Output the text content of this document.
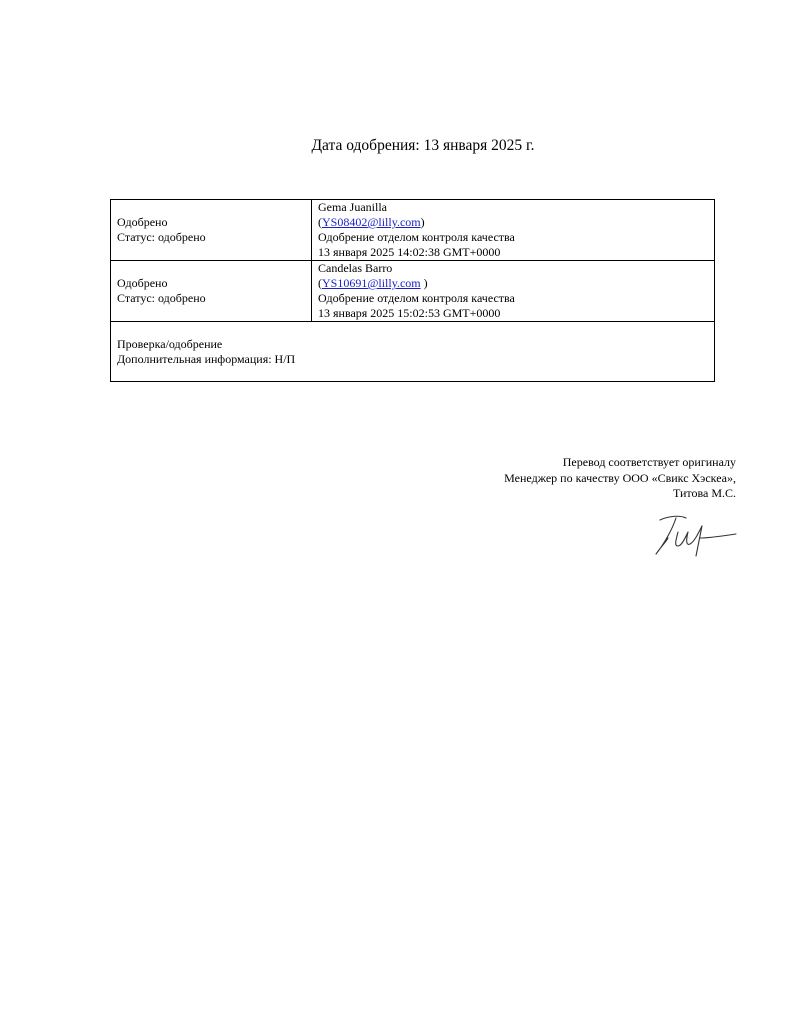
Дата одобрения: 13 января 2025 г.
Одобрено
Статус: одобрено	Gema Juanilla
(YS08402@lilly.com)
Одобрение отделом контроля качества
13 января 2025 14:02:38 GMT+0000

Одобрено
Статус: одобрено	Candelas Barro
(YS10691@lilly.com )
Одобрение отделом контроля качества
13 января 2025 15:02:53 GMT+0000

Проверка/одобрение
Дополнительная информация: Н/П	
Перевод соответствует оригиналу
Менеджер по качеству ООО «Свикс Хэскеа»,
Титова М.С.
